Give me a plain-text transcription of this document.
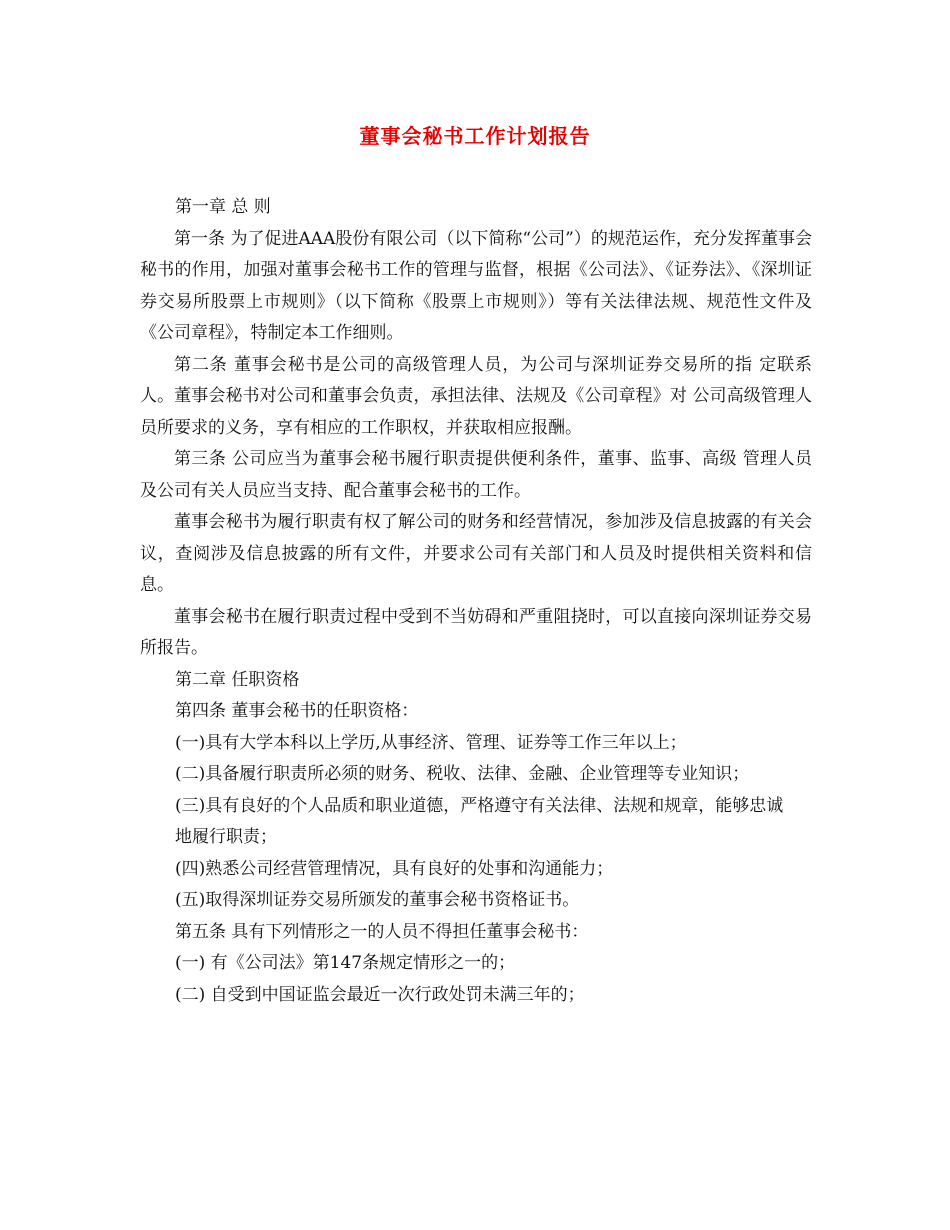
董事会秘书工作计划报告

第一章 总 则

第一条 为了促进AAA股份有限公司（以下简称“公司”）的规范运作，充分发挥董事会秘书的作用，加强对董事会秘书工作的管理与监督，根据《公司法》、《证券法》、《深圳证券交易所股票上市规则》（以下简称《股票上市规则》）等有关法律法规、规范性文件及《公司章程》，特制定本工作细则。

第二条 董事会秘书是公司的高级管理人员，为公司与深圳证券交易所的指 定联系人。董事会秘书对公司和董事会负责，承担法律、法规及《公司章程》对 公司高级管理人员所要求的义务，享有相应的工作职权，并获取相应报酬。

第三条 公司应当为董事会秘书履行职责提供便利条件，董事、监事、高级 管理人员及公司有关人员应当支持、配合董事会秘书的工作。

董事会秘书为履行职责有权了解公司的财务和经营情况，参加涉及信息披露的有关会议，查阅涉及信息披露的所有文件，并要求公司有关部门和人员及时提供相关资料和信息。

董事会秘书在履行职责过程中受到不当妨碍和严重阻挠时，可以直接向深圳证券交易所报告。

第二章 任职资格

第四条 董事会秘书的任职资格：

(一)具有大学本科以上学历,从事经济、管理、证券等工作三年以上；

(二)具备履行职责所必须的财务、税收、法律、金融、企业管理等专业知识；

(三)具有良好的个人品质和职业道德，严格遵守有关法律、法规和规章，能够忠诚地履行职责；

(四)熟悉公司经营管理情况，具有良好的处事和沟通能力；

(五)取得深圳证券交易所颁发的董事会秘书资格证书。

第五条 具有下列情形之一的人员不得担任董事会秘书：

(一) 有《公司法》第147条规定情形之一的；

(二) 自受到中国证监会最近一次行政处罚未满三年的；
